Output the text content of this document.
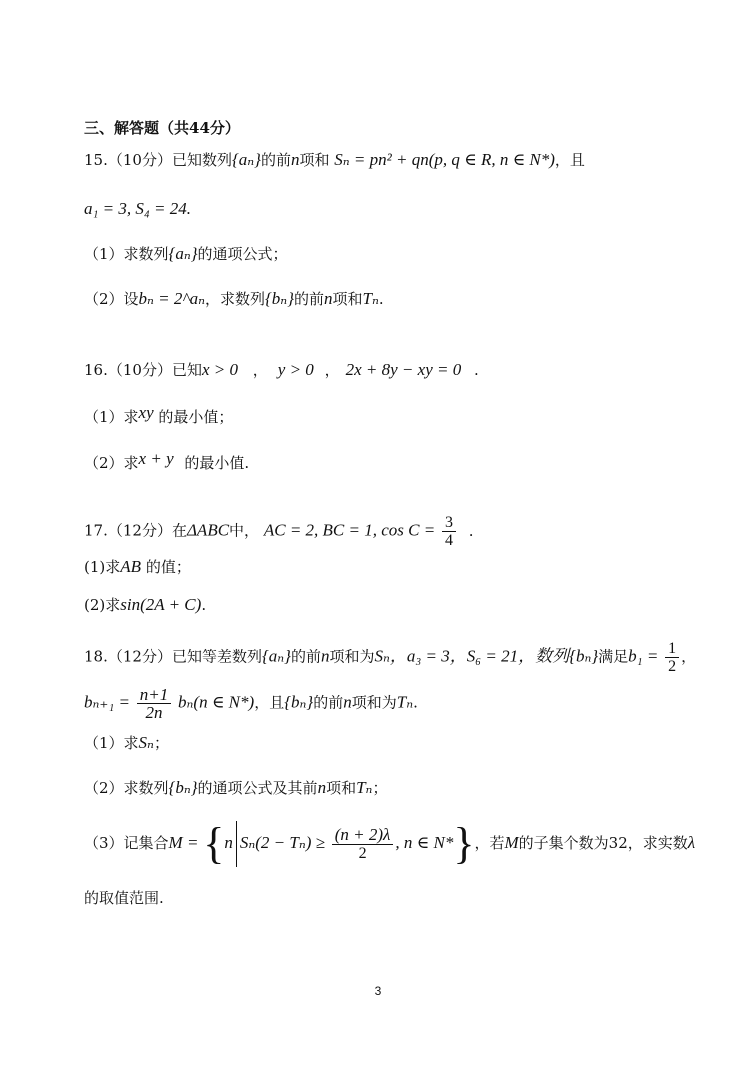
三、解答题（共44分）
15.（10分）已知数列{aₙ}的前n项和 Sₙ = pn² + qn(p, q ∈ R, n ∈ N*)，且
a₁ = 3, S₄ = 24.
（1）求数列{aₙ}的通项公式；
（2）设bₙ = 2^aₙ，求数列{bₙ}的前n项和Tₙ.
16.（10分）已知x > 0 ， y > 0 ， 2x + 8y − xy = 0 .
（1）求xy 的最小值；
（2）求x + y 的最小值.
17.（12分）在ΔABC中， AC = 2, BC = 1, $\cos C = \frac{3}{4}$ .
(1)求AB 的值；
(2)求sin(2A + C).
18.（12分）已知等差数列{aₙ}的前n项和为Sₙ，a₃ = 3，S₆ = 21，数列{bₙ}满足$b_1 = \frac{1}{2}$ ，
$b_{n+1} = \frac{n+1}{2n} b_n(n$ ∈ N*)，且{bₙ}的前n项和为Tₙ.
（1）求Sₙ；
（2）求数列{bₙ}的通项公式及其前n项和Tₙ；
（3）记集合M = {n $S_n(2 - T_n) \ge \frac{(n + 2)\lambda}{2}$ , n ∈ N*}，若M的子集个数为32，求实数λ
的取值范围.
3
